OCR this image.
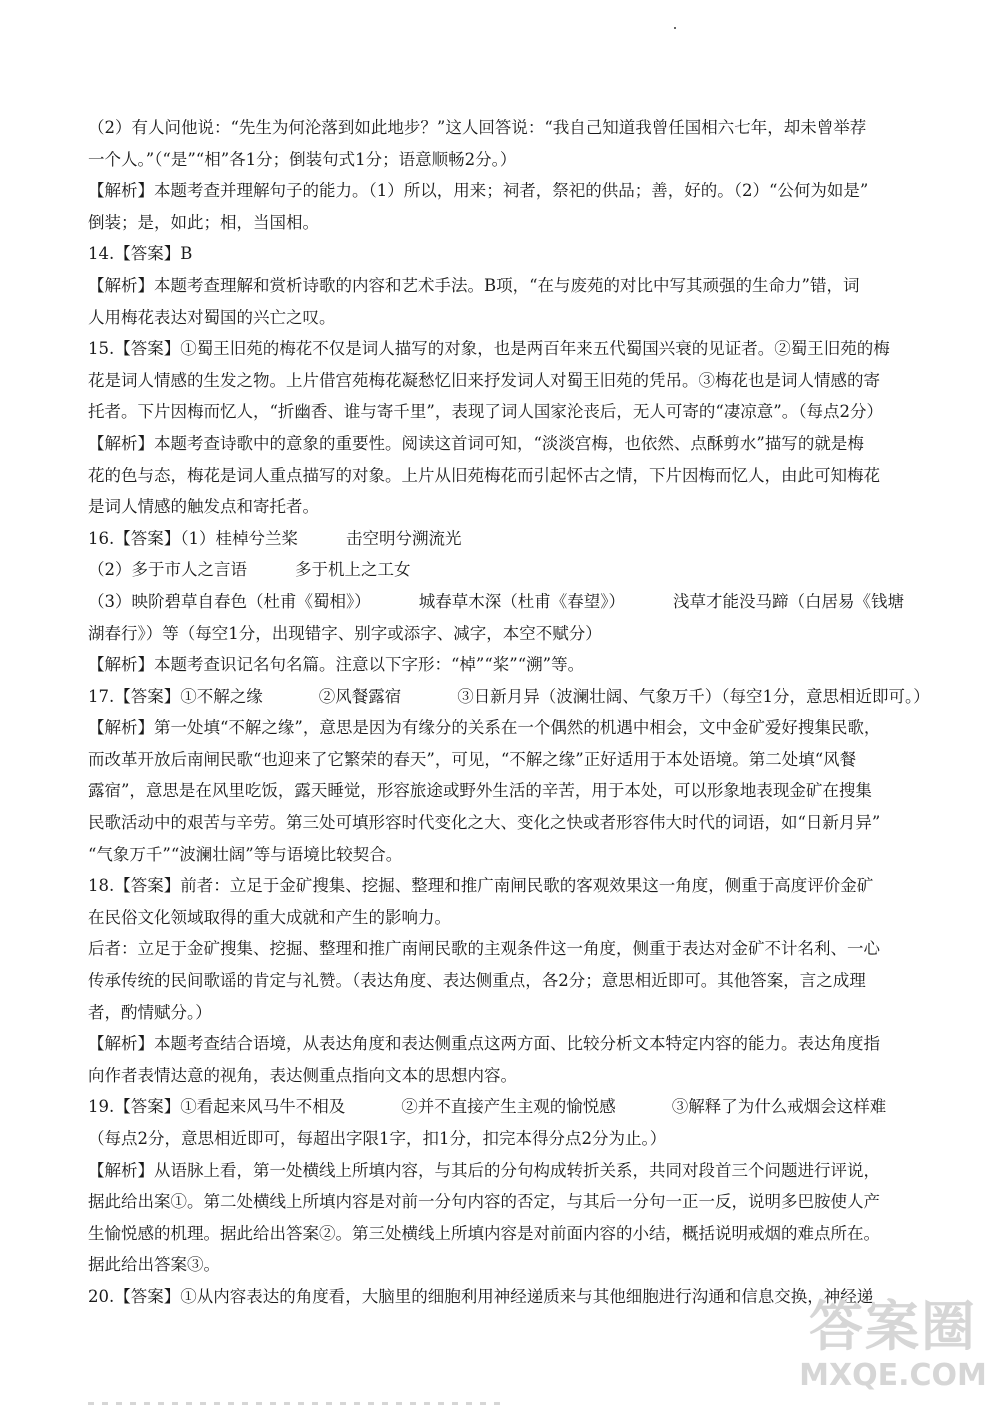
（2）有人问他说：“先生为何沦落到如此地步？”这人回答说：“我自己知道我曾任国相六七年，却未曾举荐
一个人。”（“是”“相”各1分；倒装句式1分；语意顺畅2分。）
【解析】本题考查并理解句子的能力。（1）所以，用来；祠者，祭祀的供品；善，好的。（2）“公何为如是”
倒装；是，如此；相，当国相。
14.【答案】B
【解析】本题考查理解和赏析诗歌的内容和艺术手法。B项，“在与废苑的对比中写其顽强的生命力”错，词
人用梅花表达对蜀国的兴亡之叹。
15.【答案】①蜀王旧苑的梅花不仅是词人描写的对象，也是两百年来五代蜀国兴衰的见证者。②蜀王旧苑的梅
花是词人情感的生发之物。上片借宫苑梅花凝愁忆旧来抒发词人对蜀王旧苑的凭吊。③梅花也是词人情感的寄
托者。下片因梅而忆人，“折幽香、谁与寄千里”，表现了词人国家沦丧后，无人可寄的“凄凉意”。（每点2分）
【解析】本题考查诗歌中的意象的重要性。阅读这首词可知，“淡淡宫梅，也依然、点酥剪水”描写的就是梅
花的色与态，梅花是词人重点描写的对象。上片从旧苑梅花而引起怀古之情，下片因梅而忆人，由此可知梅花
是词人情感的触发点和寄托者。
16.【答案】（1）桂棹兮兰桨	击空明兮溯流光
（2）多于市人之言语	多于机上之工女
（3）映阶碧草自春色（杜甫《蜀相》）	城春草木深（杜甫《春望》）	浅草才能没马蹄（白居易《钱塘
湖春行》）等（每空1分，出现错字、别字或添字、减字，本空不赋分）
【解析】本题考查识记名句名篇。注意以下字形：“棹”“桨”“溯”等。
17.【答案】①不解之缘	②风餐露宿	③日新月异（波澜壮阔、气象万千）（每空1分，意思相近即可。）
【解析】第一处填“不解之缘”，意思是因为有缘分的关系在一个偶然的机遇中相会，文中金矿爱好搜集民歌，
而改革开放后南闸民歌“也迎来了它繁荣的春天”，可见，“不解之缘”正好适用于本处语境。第二处填“风餐
露宿”，意思是在风里吃饭，露天睡觉，形容旅途或野外生活的辛苦，用于本处，可以形象地表现金矿在搜集
民歌活动中的艰苦与辛劳。第三处可填形容时代变化之大、变化之快或者形容伟大时代的词语，如“日新月异”
“气象万千”“波澜壮阔”等与语境比较契合。
18.【答案】前者：立足于金矿搜集、挖掘、整理和推广南闸民歌的客观效果这一角度，侧重于高度评价金矿
在民俗文化领域取得的重大成就和产生的影响力。
后者：立足于金矿搜集、挖掘、整理和推广南闸民歌的主观条件这一角度，侧重于表达对金矿不计名利、一心
传承传统的民间歌谣的肯定与礼赞。（表达角度、表达侧重点，各2分；意思相近即可。其他答案，言之成理
者，酌情赋分。）
【解析】本题考查结合语境，从表达角度和表达侧重点这两方面、比较分析文本特定内容的能力。表达角度指
向作者表情达意的视角，表达侧重点指向文本的思想内容。
19.【答案】①看起来风马牛不相及	②并不直接产生主观的愉悦感	③解释了为什么戒烟会这样难
（每点2分，意思相近即可，每超出字限1字，扣1分，扣完本得分点2分为止。）
【解析】从语脉上看，第一处横线上所填内容，与其后的分句构成转折关系，共同对段首三个问题进行评说，
据此给出案①。第二处横线上所填内容是对前一分句内容的否定，与其后一分句一正一反，说明多巴胺使人产
生愉悦感的机理。据此给出答案②。第三处横线上所填内容是对前面内容的小结，概括说明戒烟的难点所在。
据此给出答案③。
20.【答案】①从内容表达的角度看，大脑里的细胞利用神经递质来与其他细胞进行沟通和信息交换，神经递
答案圈
MXQE.COM
